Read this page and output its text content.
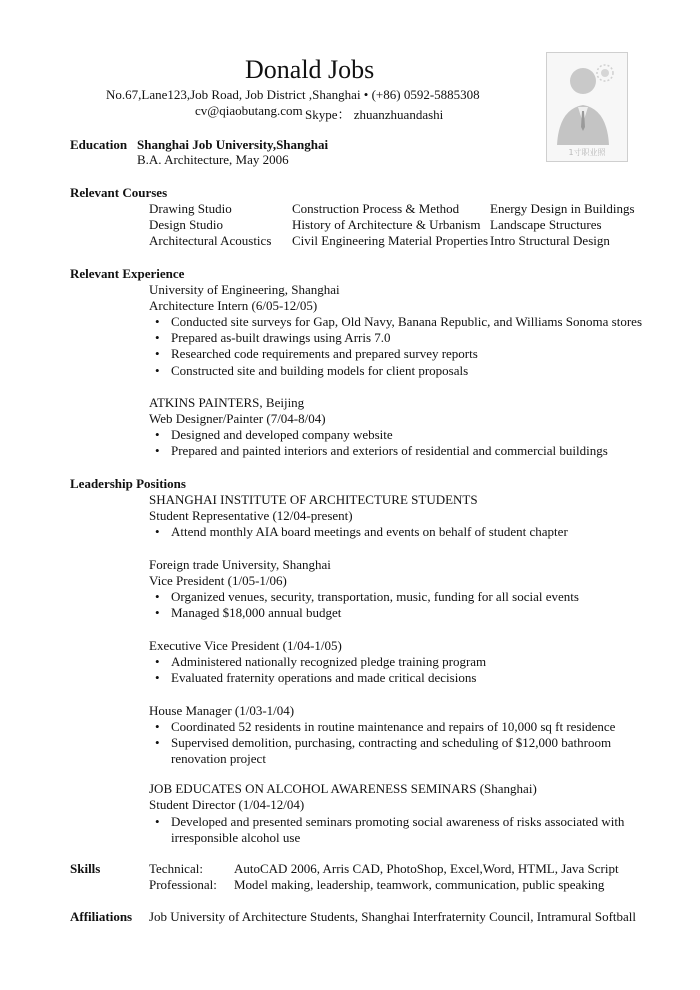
Donald Jobs
No.67,Lane123,Job Road, Job District ,Shanghai • (+86) 0592-5885308
cv@qiaobutang.com Skype： zhuanzhuandashi
1寸职业照
Education Shanghai Job University,Shanghai
B.A. Architecture, May 2006
Relevant Courses
Drawing Studio
Design Studio
Architectural Acoustics
Construction Process & Method
History of Architecture & Urbanism
Civil Engineering Material Properties
Energy Design in Buildings
Landscape Structures
Intro Structural Design
Relevant Experience
University of Engineering, Shanghai
Architecture Intern (6/05-12/05)
• Conducted site surveys for Gap, Old Navy, Banana Republic, and Williams Sonoma stores
• Prepared as-built drawings using Arris 7.0
• Researched code requirements and prepared survey reports
• Constructed site and building models for client proposals
ATKINS PAINTERS, Beijing
Web Designer/Painter (7/04-8/04)
• Designed and developed company website
• Prepared and painted interiors and exteriors of residential and commercial buildings
Leadership Positions
SHANGHAI INSTITUTE OF ARCHITECTURE STUDENTS
Student Representative (12/04-present)
• Attend monthly AIA board meetings and events on behalf of student chapter
Foreign trade University, Shanghai
Vice President (1/05-1/06)
• Organized venues, security, transportation, music, funding for all social events
• Managed $18,000 annual budget
Executive Vice President (1/04-1/05)
• Administered nationally recognized pledge training program
• Evaluated fraternity operations and made critical decisions
House Manager (1/03-1/04)
• Coordinated 52 residents in routine maintenance and repairs of 10,000 sq ft residence
• Supervised demolition, purchasing, contracting and scheduling of $12,000 bathroom
renovation project
JOB EDUCATES ON ALCOHOL AWARENESS SEMINARS (Shanghai)
Student Director (1/04-12/04)
• Developed and presented seminars promoting social awareness of risks associated with
irresponsible alcohol use
Skills	Technical: AutoCAD 2006, Arris CAD, PhotoShop, Excel,Word, HTML, Java Script
Professional: Model making, leadership, teamwork, communication, public speaking
Affiliations Job University of Architecture Students, Shanghai Interfraternity Council, Intramural Softball
